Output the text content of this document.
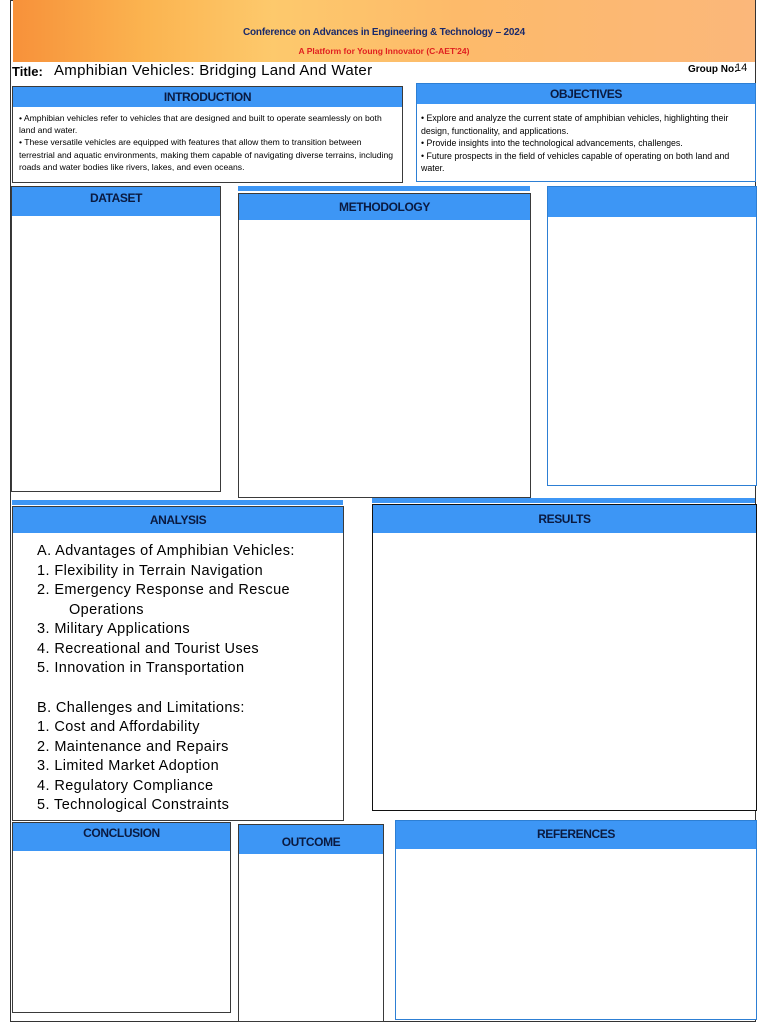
Conference on Advances in Engineering & Technology – 2024
A Platform for Young Innovator (C-AET'24)
Title: Amphibian Vehicles: Bridging Land And Water	Group No:
14
INTRODUCTION

• Amphibian vehicles refer to vehicles that are designed and built to operate seamlessly on both land and water.

• These versatile vehicles are equipped with features that allow them to transition between terrestrial and aquatic environments, making them capable of navigating diverse terrains, including roads and water bodies like rivers, lakes, and even oceans.

OBJECTIVES

• Explore and analyze the current state of amphibian vehicles, highlighting their design, functionality, and applications.

• Provide insights into the technological advancements, challenges.

• Future prospects in the field of vehicles capable of operating on both land and water.

DATASET
METHODOLOGY
ANALYSIS
A. Advantages of Amphibian Vehicles:
1. Flexibility in Terrain Navigation
2. Emergency Response and Rescue
Operations
3. Military Applications
4. Recreational and Tourist Uses
5. Innovation in Transportation
B. Challenges and Limitations:
1. Cost and Affordability
2. Maintenance and Repairs
3. Limited Market Adoption
4. Regulatory Compliance
5. Technological Constraints
RESULTS
CONCLUSION
OUTCOME
REFERENCES
